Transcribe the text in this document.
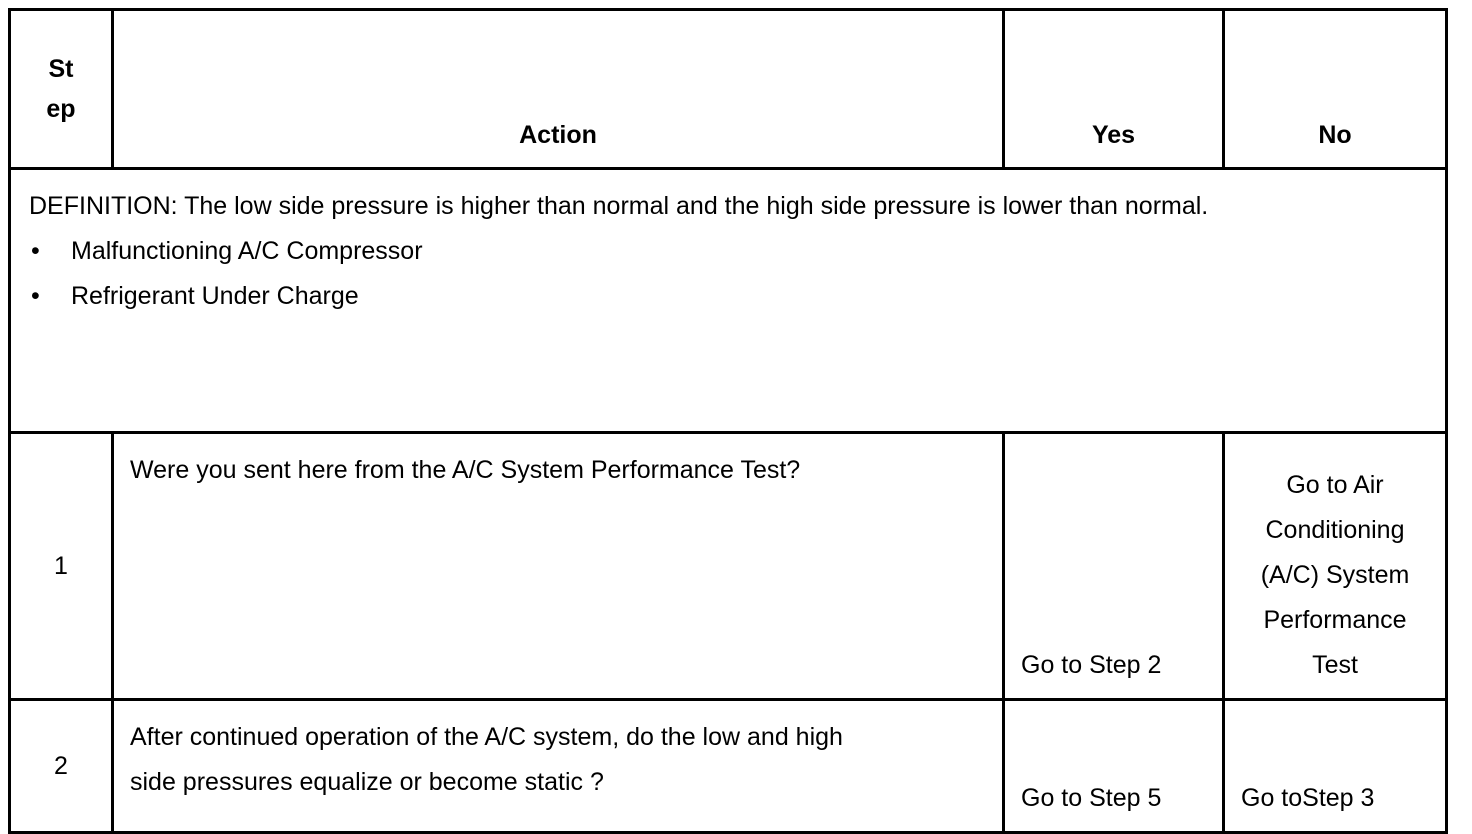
St
ep	Action	Yes	No

DEFINITION: The low side pressure is higher than normal and the high side pressure is lower than normal.

• Malfunctioning A/C Compressor
• Refrigerant Under Charge			

1	Were you sent here from the A/C System Performance Test?	Go to Step 2	Go to Air
Conditioning
(A/C) System
Performance
Test

2	After continued operation of the A/C system, do the low and high
side pressures equalize or become static ?	Go to Step 5	Go toStep 3
